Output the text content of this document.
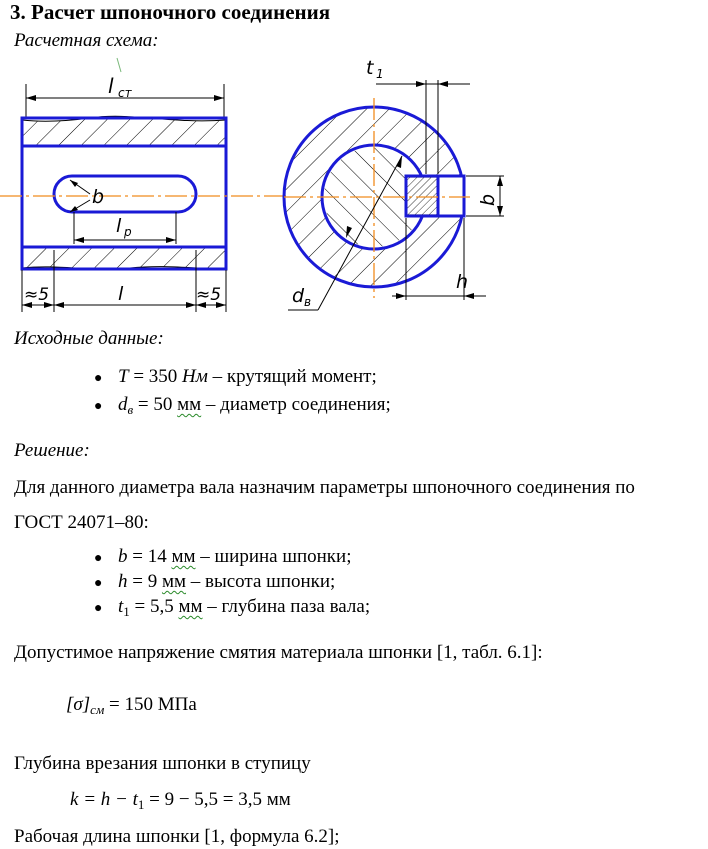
3. Расчет шпоночного соединения
Расчетная схема:
l ст
b
l р
≈5	l	≈5
t 1
b
h
d в
Исходные данные:
● T = 350 Нм – крутящий момент;
● $d_в = 50$ мм – диаметр соединения;
Решение:
Для данного диаметра вала назначим параметры шпоночного соединения по
ГОСТ 24071–80:
● b = 14 мм – ширина шпонки;
● h = 9 мм – высота шпонки;
● $t_1 = 5,5$ мм – глубина паза вала;
Допустимое напряжение смятия материала шпонки [1, табл. 6.1]:
$[\sigma]_{см} = 150$ МПа
Глубина врезания шпонки в ступицу
$k = h - t_1 = 9 - 5,5 = 3,5$ мм
Рабочая длина шпонки [1, формула 6.2];
